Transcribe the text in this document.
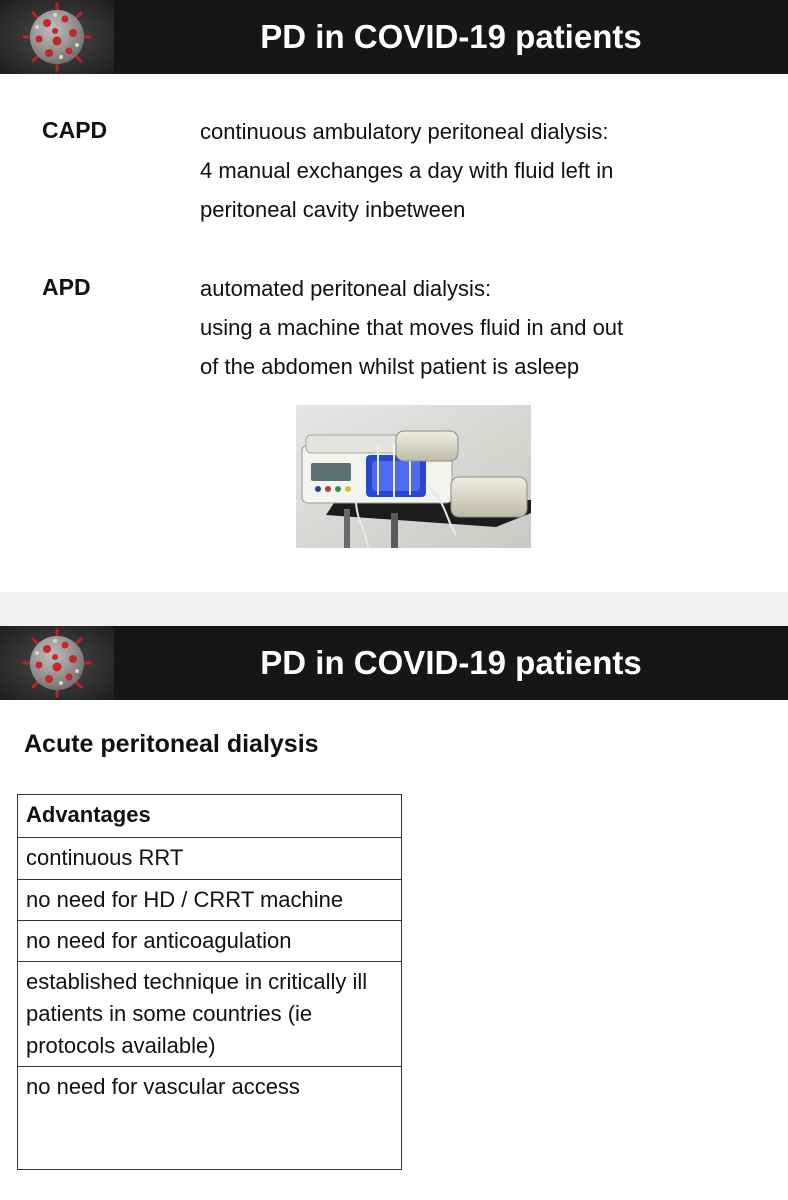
PD in COVID-19 patients
CAPD	continuous ambulatory peritoneal dialysis:
4 manual exchanges a day with fluid left in
peritoneal cavity inbetween
APD	automated peritoneal dialysis:
using a machine that moves fluid in and out
of the abdomen whilst patient is asleep
PD in COVID-19 patients
Acute peritoneal dialysis
Advantages
continuous RRT
no need for HD / CRRT machine
no need for anticoagulation
established technique in critically ill patients in some countries (ie protocols available)
no need for vascular access
